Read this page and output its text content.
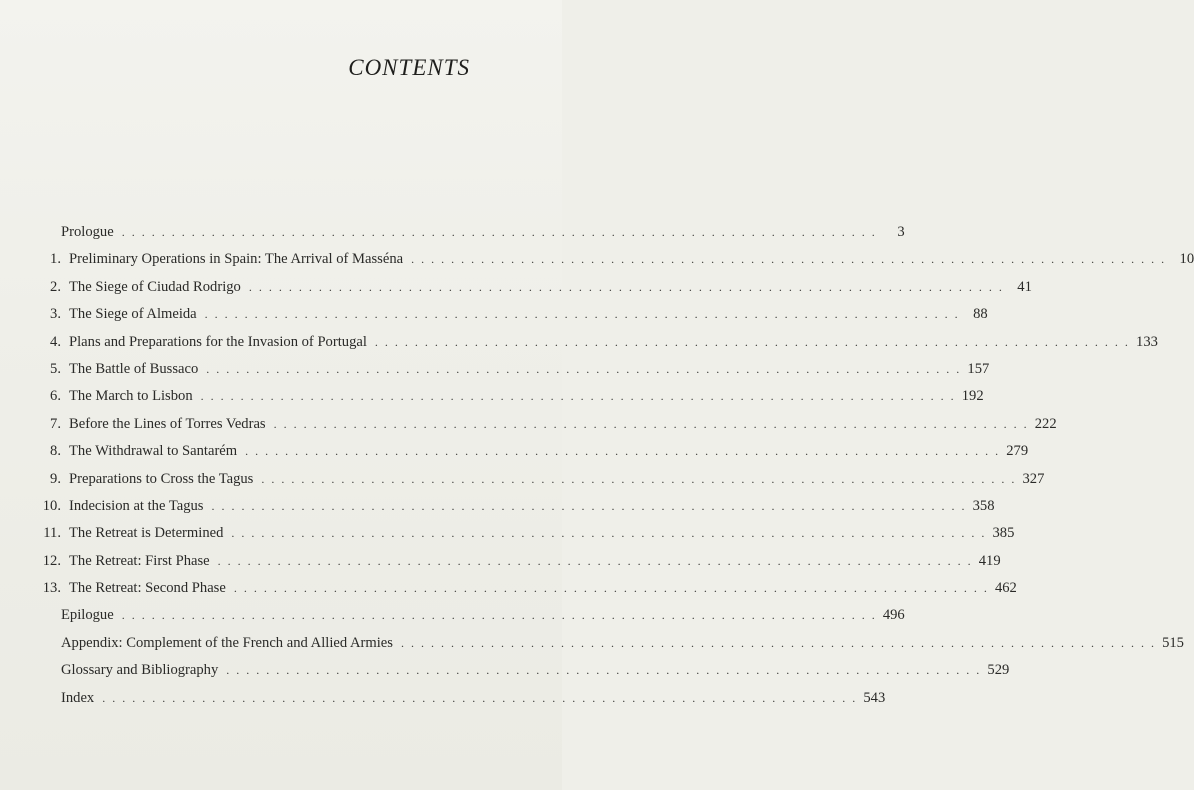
CONTENTS
Prologue . . . . . . . . . . . . . . . . . . . . . . . . . . . . . . . . . . . . . . . . . . . . . . . . . . . . . . . . . . . . . . . . . . . . . . . . . . . .	3
1. Preliminary Operations in Spain: The Arrival of Masséna . . . . . . . . . . . . . . . . . . . . . . . . . . . . . . . . . . . . . . . . . . . . . . . . . . . . . . . . . . . . . . . . . . . . . . . . . . . . 10
2. The Siege of Ciudad Rodrigo . . . . . . . . . . . . . . . . . . . . . . . . . . . . . . . . . . . . . . . . . . . . . . . . . . . . . . . . . . . . . . . . . . . . . . . . . . . . 41
3. The Siege of Almeida . . . . . . . . . . . . . . . . . . . . . . . . . . . . . . . . . . . . . . . . . . . . . . . . . . . . . . . . . . . . . . . . . . . . . . . . . . . . 88
4. Plans and Preparations for the Invasion of Portugal . . . . . . . . . . . . . . . . . . . . . . . . . . . . . . . . . . . . . . . . . . . . . . . . . . . . . . . . . . . . . . . . . . . . . . . . . . . . 133
5. The Battle of Bussaco . . . . . . . . . . . . . . . . . . . . . . . . . . . . . . . . . . . . . . . . . . . . . . . . . . . . . . . . . . . . . . . . . . . . . . . . . . . . 157
6. The March to Lisbon . . . . . . . . . . . . . . . . . . . . . . . . . . . . . . . . . . . . . . . . . . . . . . . . . . . . . . . . . . . . . . . . . . . . . . . . . . . . 192
7. Before the Lines of Torres Vedras . . . . . . . . . . . . . . . . . . . . . . . . . . . . . . . . . . . . . . . . . . . . . . . . . . . . . . . . . . . . . . . . . . . . . . . . . . . . 222
8. The Withdrawal to Santarém . . . . . . . . . . . . . . . . . . . . . . . . . . . . . . . . . . . . . . . . . . . . . . . . . . . . . . . . . . . . . . . . . . . . . . . . . . . . 279
9. Preparations to Cross the Tagus . . . . . . . . . . . . . . . . . . . . . . . . . . . . . . . . . . . . . . . . . . . . . . . . . . . . . . . . . . . . . . . . . . . . . . . . . . . . 327
10. Indecision at the Tagus . . . . . . . . . . . . . . . . . . . . . . . . . . . . . . . . . . . . . . . . . . . . . . . . . . . . . . . . . . . . . . . . . . . . . . . . . . . . 358
11. The Retreat is Determined . . . . . . . . . . . . . . . . . . . . . . . . . . . . . . . . . . . . . . . . . . . . . . . . . . . . . . . . . . . . . . . . . . . . . . . . . . . . 385
12. The Retreat: First Phase . . . . . . . . . . . . . . . . . . . . . . . . . . . . . . . . . . . . . . . . . . . . . . . . . . . . . . . . . . . . . . . . . . . . . . . . . . . . 419
13. The Retreat: Second Phase . . . . . . . . . . . . . . . . . . . . . . . . . . . . . . . . . . . . . . . . . . . . . . . . . . . . . . . . . . . . . . . . . . . . . . . . . . . . 462
Epilogue . . . . . . . . . . . . . . . . . . . . . . . . . . . . . . . . . . . . . . . . . . . . . . . . . . . . . . . . . . . . . . . . . . . . . . . . . . . . 496
Appendix: Complement of the French and Allied Armies . . . . . . . . . . . . . . . . . . . . . . . . . . . . . . . . . . . . . . . . . . . . . . . . . . . . . . . . . . . . . . . . . . . . . . . . . . . . 515
Glossary and Bibliography . . . . . . . . . . . . . . . . . . . . . . . . . . . . . . . . . . . . . . . . . . . . . . . . . . . . . . . . . . . . . . . . . . . . . . . . . . . . 529
Index . . . . . . . . . . . . . . . . . . . . . . . . . . . . . . . . . . . . . . . . . . . . . . . . . . . . . . . . . . . . . . . . . . . . . . . . . . . . 543
